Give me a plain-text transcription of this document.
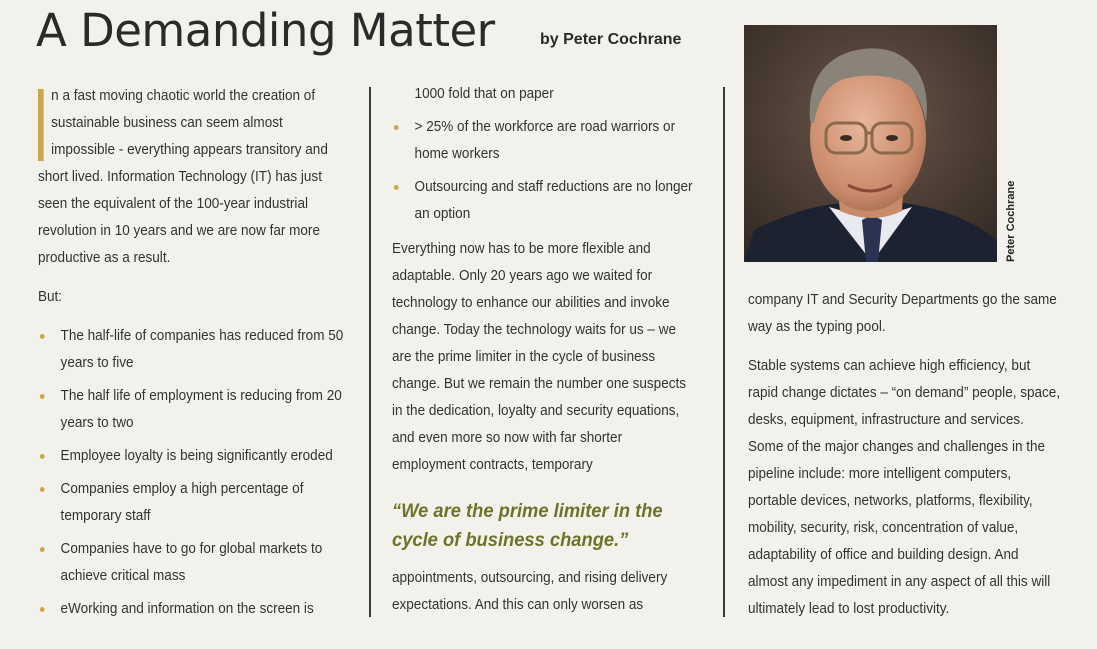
A Demanding Matter	by Peter Cochrane

n a fast moving chaotic world the creation of sustainable business can seem almost impossible - everything appears transitory and short lived. Information Technology (IT) has just seen the equivalent of the 100-year industrial revolution in 10 years and we are now far more productive as a result.

But:

The half-life of companies has reduced from 50 years to five
The half life of employment is reducing from 20 years to two
Employee loyalty is being significantly eroded
Companies employ a high percentage of temporary staff
Companies have to go for global markets to achieve critical mass
eWorking and information on the screen is

1000 fold that on paper

> 25% of the workforce are road warriors or home workers
Outsourcing and staff reductions are no longer an option

Everything now has to be more flexible and adaptable. Only 20 years ago we waited for technology to enhance our abilities and invoke change. Today the technology waits for us – we are the prime limiter in the cycle of business change. But we remain the number one suspects in the dedication, loyalty and security equations, and even more so now with far shorter employment contracts, temporary

“We are the prime limiter in the cycle of business change.”

appointments, outsourcing, and rising delivery expectations. And this can only worsen as

Peter Cochrane

company IT and Security Departments go the same way as the typing pool.

Stable systems can achieve high efficiency, but rapid change dictates – “on demand” people, space, desks, equipment, infrastructure and services. Some of the major changes and challenges in the pipeline include: more intelligent computers, portable devices, networks, platforms, flexibility, mobility, security, risk, concentration of value, adaptability of office and building design. And almost any impediment in any aspect of all this will ultimately lead to lost productivity.
